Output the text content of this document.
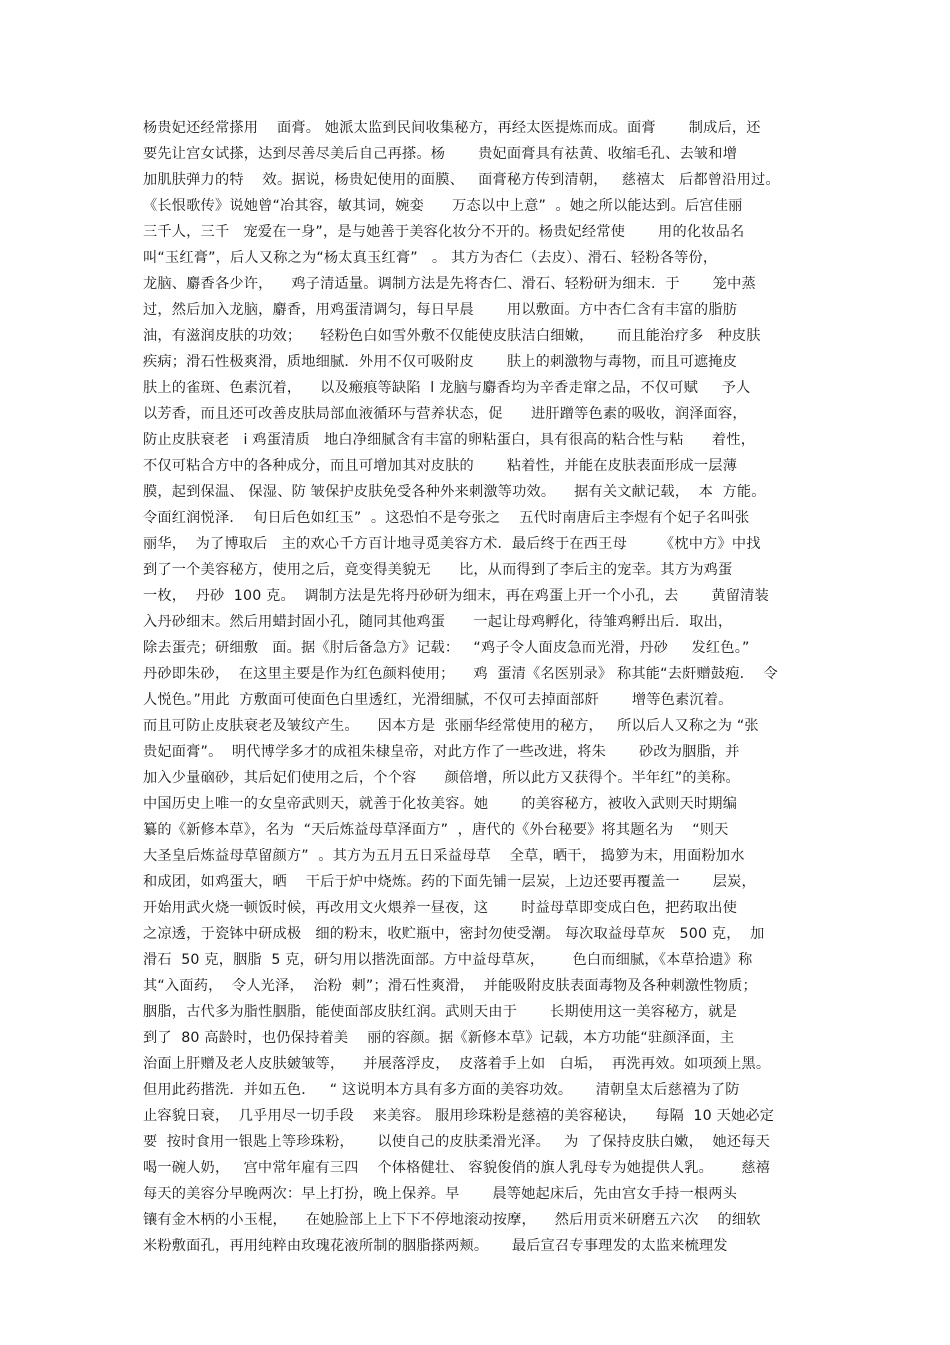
杨贵妃还经常搽用    面膏。 她派太监到民间收集秘方，再经太医提炼而成。面膏       制成后，还
要先让宫女试搽，达到尽善尽美后自己再搽。杨       贵妃面膏具有祛黄、收缩毛孔、去皱和增
加肌肤弹力的特    效。据说，杨贵妃使用的面膜、   面膏秘方传到清朝，   慈禧太   后都曾沿用过。
《长恨歌传》说她曾“冶其容，敏其词，婉娈      万态以中上意”  。她之所以能达到。后宫佳丽
三千人，三千   宠爱在一身”，是与她善于美容化妆分不开的。杨贵妃经常使       用的化妆品名
叫“玉红膏”，后人又称之为“杨太真玉红膏”   。 其方为杏仁（去皮）、滑石、轻粉各等份，
龙脑、麝香各少许，    鸡子清适量。调制方法是先将杏仁、滑石、轻粉研为细末．于       笼中蒸
过，然后加入龙脑，麝香，用鸡蛋清调匀，每日早晨       用以敷面。方中杏仁含有丰富的脂肪
油，有滋润皮肤的功效；    轻粉色白如雪外敷不仅能使皮肤洁白细嫩，     而且能治疗多   种皮肤
疾病；滑石性极爽滑，质地细腻．外用不仅可吸附皮       肤上的刺激物与毒物，而且可遮掩皮
肤上的雀斑、色素沉着，    以及瘢痕等缺陷  l 龙脑与麝香均为辛香走窜之品，不仅可赋     予人
以芳香，而且还可改善皮肤局部血液循环与营养状态，促      进肝蹭等色素的吸收，润泽面容，
防止皮肤衰老   i 鸡蛋清质   地白净细腻含有丰富的卵粘蛋白，具有很高的粘合性与粘      着性，
不仅可粘合方中的各种成分，而且可增加其对皮肤的       粘着性，并能在皮肤表面形成一层薄
膜，起到保温、 保湿、防 皱保护皮肤免受各种外来刺激等功效。    据有关文献记载，  本  方能。
令面红润悦泽．  旬日后色如红玉”  。这恐怕不是夸张之    五代时南唐后主李煜有个妃子名叫张
丽华，  为了博取后   主的欢心千方百计地寻觅美容方术．最后终于在西王母       《枕中方》中找
到了一个美容秘方，使用之后，竟变得美貌无      比，从而得到了李后主的宠幸。其方为鸡蛋
一枚，  丹砂  100 克。  调制方法是先将丹砂研为细末，再在鸡蛋上开一个小孔，去       黄留清装
入丹砂细末。然后用蜡封固小孔，随同其他鸡蛋      一起让母鸡孵化，待雏鸡孵出后．取出，
除去蛋壳；研细敷   面。据《肘后备急方》记载：   “鸡子令人面皮急而光滑，丹砂     发红色。”
丹砂即朱砂，  在这里主要是作为红色颜料使用；    鸡  蛋清《名医别录》 称其能“去皯赠鼓疱．  令
人悦色。”用此  方敷面可使面色白里透红，光滑细腻，不仅可去掉面部皯       增等色素沉着。
而且可防止皮肤衰老及皱纹产生。    因本方是  张丽华经常使用的秘方，   所以后人又称之为 “张
贵妃面膏”。  明代博学多才的成祖朱棣皇帝，对此方作了一些改进，将朱       砂改为胭脂，并
加入少量硇砂，其后妃们使用之后，个个容      颜倍增，所以此方又获得个。半年红”的美称。
中国历史上唯一的女皇帝武则天，就善于化妆美容。她       的美容秘方，被收入武则天时期编
纂的《新修本草》，名为  “天后炼益母草泽面方”  ，唐代的《外台秘要》将其题名为    “则天
大圣皇后炼益母草留颜方”  。其方为五月五日采益母草    全草，晒干， 捣箩为末，用面粉加水
和成团，如鸡蛋大，晒    干后于炉中烧炼。药的下面先铺一层炭，上边还要再覆盖一       层炭，
开始用武火烧一顿饭时候，再改用文火煨养一昼夜，这       时益母草即变成白色，把药取出使
之凉透，于瓷钵中研成极   细的粉末，收贮瓶中，密封勿使受潮。 每次取益母草灰   500 克，  加
滑石  50 克，胭脂  5 克，研匀用以揩洗面部。方中益母草灰，      色白而细腻，《本草拾遗》称
其“入面药，  令人光泽，  治粉  刺”；滑石性爽滑，  并能吸附皮肤表面毒物及各种刺激性物质；
胭脂，古代多为脂性胭脂，能使面部皮肤红润。武则天由于       长期使用这一美容秘方，就是
到了  80 高龄时，也仍保持着美    丽的容颜。据《新修本草》记载，本方功能“驻颜泽面，主
治面上肝赠及老人皮肤皴皱等，    并展落浮皮，  皮落着手上如   白垢，  再洗再效。如项颈上黑。
但用此药揩洗．并如五色．   “ 这说明本方具有多方面的美容功效。     清朝皇太后慈禧为了防
止容貌日衰，  几乎用尽一切手段    来美容。 服用珍珠粉是慈禧的美容秘诀，    每隔  10 天她必定
要  按时食用一银匙上等珍珠粉，     以使自己的皮肤柔滑光泽。   为  了保持皮肤白嫩，  她还每天
喝一碗人奶，   宫中常年雇有三四    个体格健壮、 容貌俊俏的旗人乳母专为她提供人乳。      慈禧
每天的美容分早晚两次：早上打扮，晚上保养。早       晨等她起床后，先由宫女手持一根两头
镶有金木柄的小玉棍，    在她脸部上上下下不停地滚动按摩，    然后用贡米研磨五六次    的细软
米粉敷面孔，再用纯粹由玫瑰花液所制的胭脂搽两颊。     最后宣召专事理发的太监来梳理发
